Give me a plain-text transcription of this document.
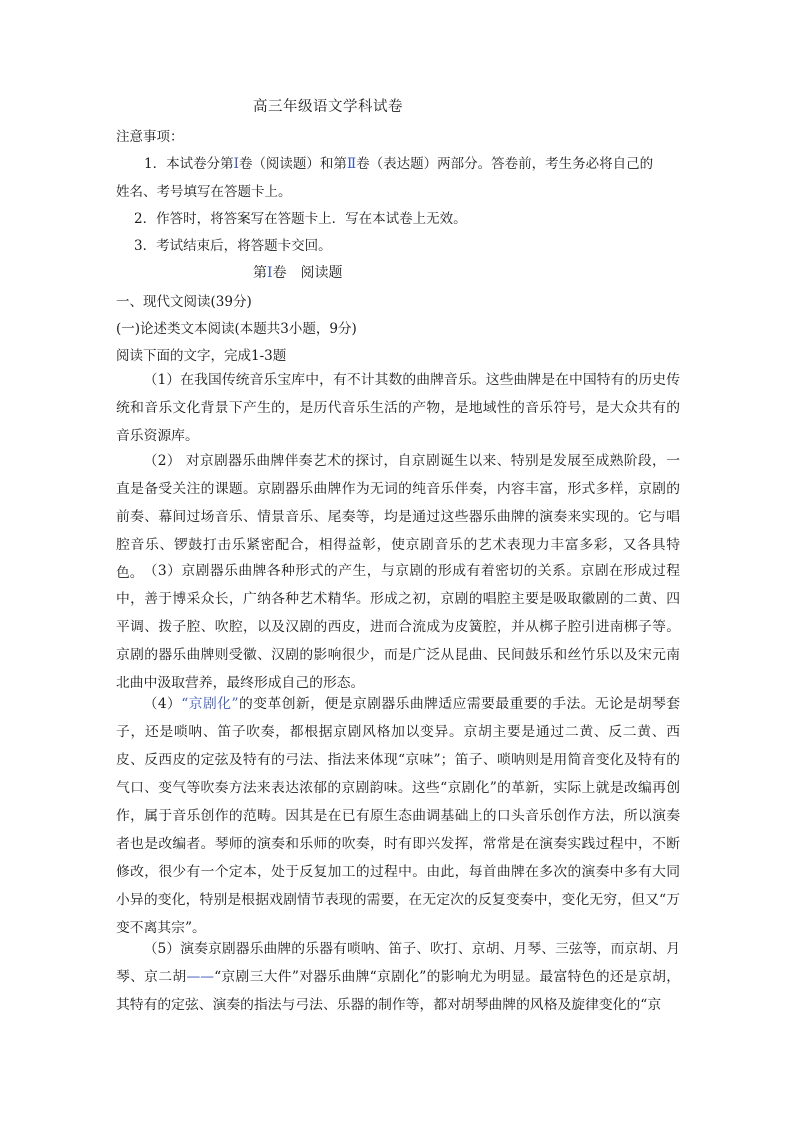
高三年级语文学科试卷
注意事项：
1．本试卷分第Ⅰ卷（阅读题）和第Ⅱ卷（表达题）两部分。答卷前，考生务必将自己的
姓名、考号填写在答题卡上。
2．作答时，将答案写在答题卡上．写在本试卷上无效。
3．考试结束后，将答题卡交回。
第Ⅰ卷　阅读题
一、现代文阅读(39分)
(一)论述类文本阅读(本题共3小题，9分)
阅读下面的文字，完成1-3题

（1）在我国传统音乐宝库中，有不计其数的曲牌音乐。这些曲牌是在中国特有的历史传统和音乐文化背景下产生的，是历代音乐生活的产物，是地域性的音乐符号，是大众共有的音乐资源库。

（2） 对京剧器乐曲牌伴奏艺术的探讨，自京剧诞生以来、特别是发展至成熟阶段，一直是备受关注的课题。京剧器乐曲牌作为无词的纯音乐伴奏，内容丰富，形式多样，京剧的前奏、幕间过场音乐、情景音乐、尾奏等，均是通过这些器乐曲牌的演奏来实现的。它与唱腔音乐、锣鼓打击乐紧密配合，相得益彰，使京剧音乐的艺术表现力丰富多彩，又各具特色。 （3）京剧器乐曲牌各种形式的产生，与京剧的形成有着密切的关系。京剧在形成过程中，善于博采众长，广纳各种艺术精华。形成之初，京剧的唱腔主要是吸取徽剧的二黄、四平调、拨子腔、吹腔，以及汉剧的西皮，进而合流成为皮簧腔，并从梆子腔引进南梆子等。京剧的器乐曲牌则受徽、汉剧的影响很少，而是广泛从昆曲、民间鼓乐和丝竹乐以及宋元南北曲中汲取营养，最终形成自己的形态。

（4）“京剧化”的变革创新，便是京剧器乐曲牌适应需要最重要的手法。无论是胡琴套子，还是唢呐、笛子吹奏，都根据京剧风格加以变异。京胡主要是通过二黄、反二黄、西皮、反西皮的定弦及特有的弓法、指法来体现“京味”；笛子、唢呐则是用简音变化及特有的气口、变气等吹奏方法来表达浓郁的京剧韵味。这些“京剧化”的革新，实际上就是改编再创作，属于音乐创作的范畴。因其是在已有原生态曲调基础上的口头音乐创作方法，所以演奏者也是改编者。琴师的演奏和乐师的吹奏，时有即兴发挥，常常是在演奏实践过程中，不断修改，很少有一个定本，处于反复加工的过程中。由此，每首曲牌在多次的演奏中多有大同小异的变化，特别是根据戏剧情节表现的需要，在无定次的反复变奏中，变化无穷，但又“万变不离其宗”。

（5）演奏京剧器乐曲牌的乐器有唢呐、笛子、吹打、京胡、月琴、三弦等，而京胡、月琴、京二胡——“京剧三大件”对器乐曲牌“京剧化”的影响尤为明显。最富特色的还是京胡，其特有的定弦、演奏的指法与弓法、乐器的制作等，都对胡琴曲牌的风格及旋律变化的“京
